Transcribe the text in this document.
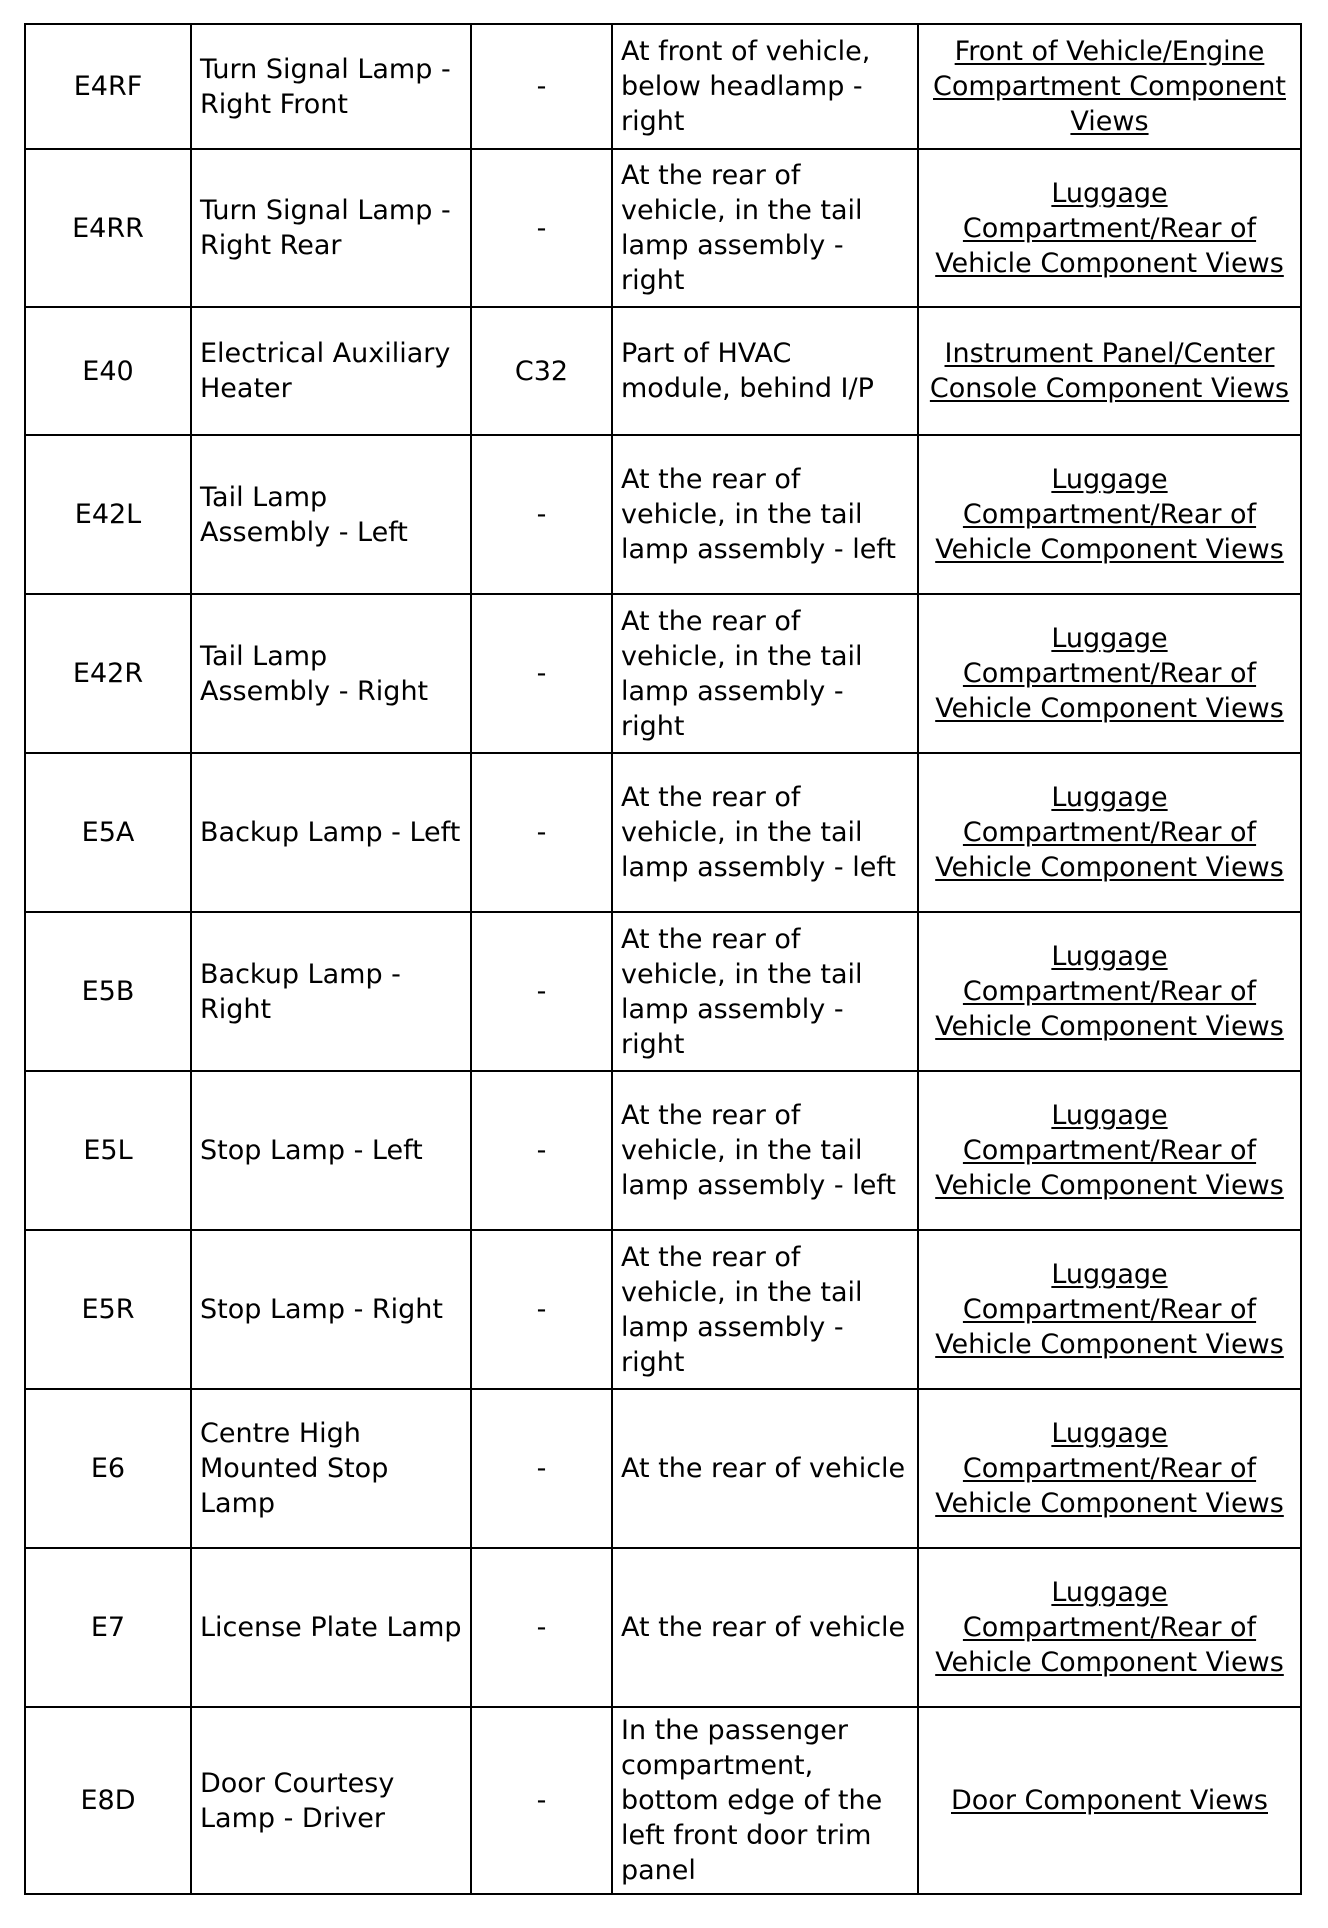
E4RF	Turn Signal Lamp - Right Front	-	At front of vehicle, below headlamp - right	Front of Vehicle/Engine Compartment Component Views
E4RR	Turn Signal Lamp - Right Rear	-	At the rear of vehicle, in the tail lamp assembly - right	Luggage Compartment/Rear of Vehicle Component Views
E40	Electrical Auxiliary Heater	C32	Part of HVAC module, behind I/P	Instrument Panel/Center Console Component Views
E42L	Tail Lamp Assembly - Left	-	At the rear of vehicle, in the tail lamp assembly - left	Luggage Compartment/Rear of Vehicle Component Views
E42R	Tail Lamp Assembly - Right	-	At the rear of vehicle, in the tail lamp assembly - right	Luggage Compartment/Rear of Vehicle Component Views
E5A	Backup Lamp - Left	-	At the rear of vehicle, in the tail lamp assembly - left	Luggage Compartment/Rear of Vehicle Component Views
E5B	Backup Lamp - Right	-	At the rear of vehicle, in the tail lamp assembly - right	Luggage Compartment/Rear of Vehicle Component Views
E5L	Stop Lamp - Left	-	At the rear of vehicle, in the tail lamp assembly - left	Luggage Compartment/Rear of Vehicle Component Views
E5R	Stop Lamp - Right	-	At the rear of vehicle, in the tail lamp assembly - right	Luggage Compartment/Rear of Vehicle Component Views
E6	Centre High Mounted Stop Lamp	-	At the rear of vehicle	Luggage Compartment/Rear of Vehicle Component Views
E7	License Plate Lamp	-	At the rear of vehicle	Luggage Compartment/Rear of Vehicle Component Views
E8D	Door Courtesy Lamp - Driver	-	In the passenger compartment, bottom edge of the left front door trim panel	Door Component Views
